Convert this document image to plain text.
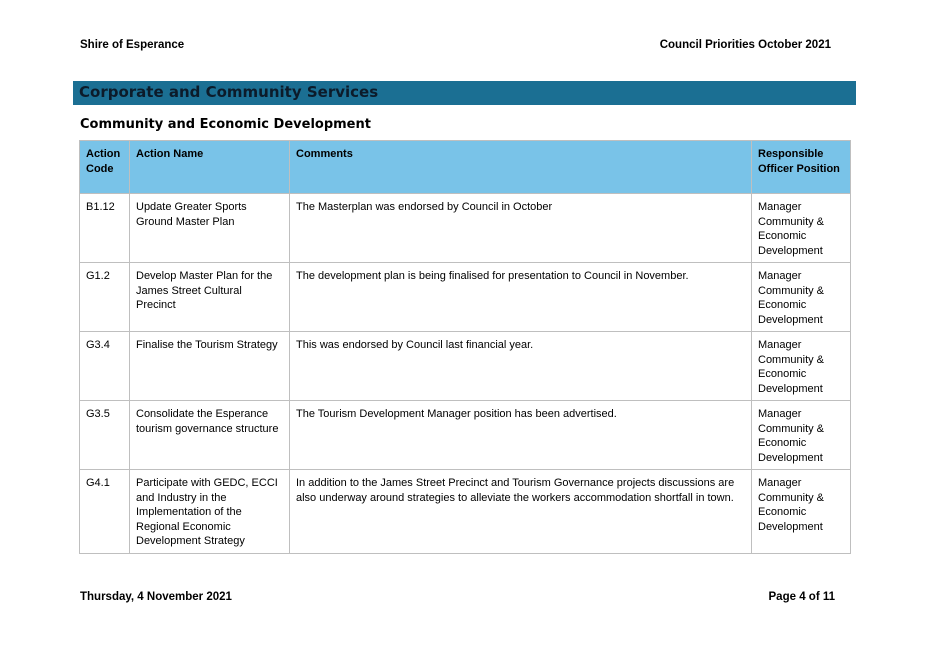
Shire of Esperance	Council Priorities October 2021
Corporate and Community Services
Community and Economic Development
Action Code	Action Name	Comments	Responsible Officer Position
B1.12	Update Greater Sports Ground Master Plan	The Masterplan was endorsed by Council in October	Manager Community & Economic Development
G1.2	Develop Master Plan for the James Street Cultural Precinct	The development plan is being finalised for presentation to Council in November.	Manager Community & Economic Development
G3.4	Finalise the Tourism Strategy	This was endorsed by Council last financial year.	Manager Community & Economic Development
G3.5	Consolidate the Esperance tourism governance structure	The Tourism Development Manager position has been advertised.	Manager Community & Economic Development
G4.1	Participate with GEDC, ECCI and Industry in the Implementation of the Regional Economic Development Strategy	In addition to the James Street Precinct and Tourism Governance projects discussions are also underway around strategies to alleviate the workers accommodation shortfall in town.	Manager Community & Economic Development
Thursday, 4 November 2021	Page 4 of 11
